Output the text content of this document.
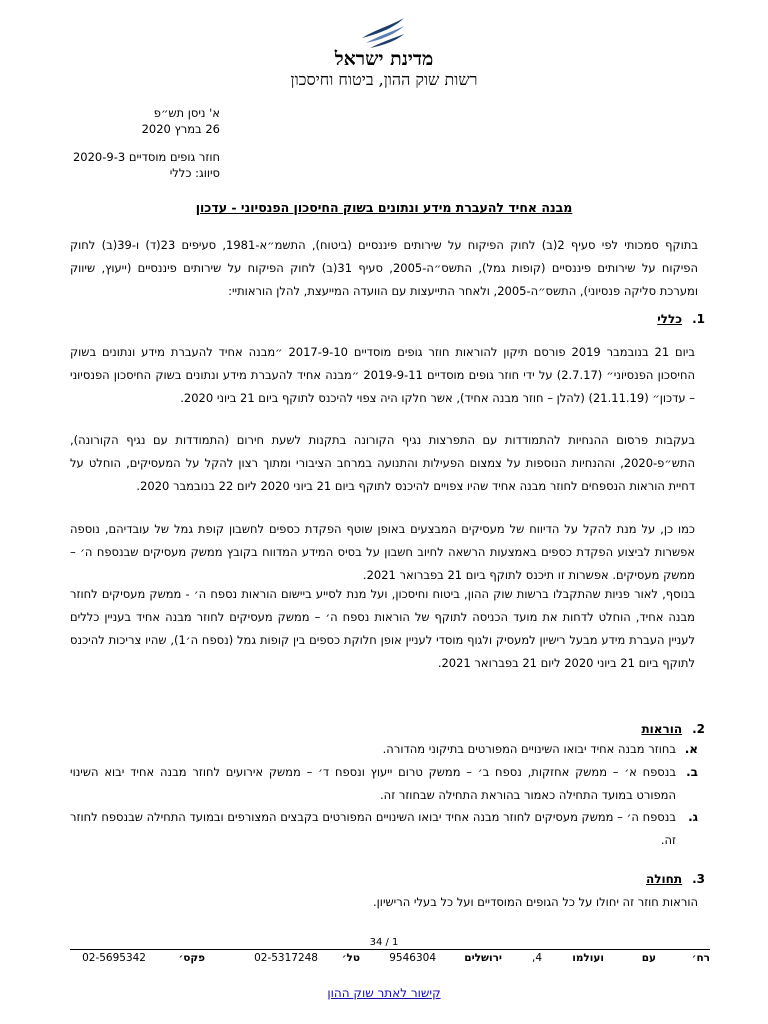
מדינת ישראל
רשות שוק ההון, ביטוח וחיסכון
א' ניסן תש״פ
26 במרץ 2020
חוזר גופים מוסדיים 2020-9-3
סיווג: כללי
מבנה אחיד להעברת מידע ונתונים בשוק החיסכון הפנסיוני - עדכון

בתוקף סמכותי לפי סעיף 2(ב) לחוק הפיקוח על שירותים פיננסיים (ביטוח), התשמ״א-1981, סעיפים 23(ד) ו-39(ב) לחוק הפיקוח על שירותים פיננסיים (קופות גמל), התשס״ה-2005, סעיף 31(ב) לחוק הפיקוח על שירותים פיננסיים (ייעוץ, שיווק ומערכת סליקה פנסיוני), התשס״ה-2005, ולאחר התייעצות עם הוועדה המייעצת, להלן הוראותיי:

1.כללי

ביום 21 בנובמבר 2019 פורסם תיקון להוראות חוזר גופים מוסדיים 2017-9-10 ״מבנה אחיד להעברת מידע ונתונים בשוק החיסכון הפנסיוני״ (2.7.17) על ידי חוזר גופים מוסדיים 2019-9-11 ״מבנה אחיד להעברת מידע ונתונים בשוק החיסכון הפנסיוני – עדכון״ (21.11.19) (להלן – חוזר מבנה אחיד), אשר חלקו היה צפוי להיכנס לתוקף ביום 21 ביוני 2020.

בעקבות פרסום ההנחיות להתמודדות עם התפרצות נגיף הקורונה בתקנות לשעת חירום (התמודדות עם נגיף הקורונה), התש״פ-2020, וההנחיות הנוספות על צמצום הפעילות והתנועה במרחב הציבורי ומתוך רצון להקל על המעסיקים, הוחלט על דחיית הוראות הנספחים לחוזר מבנה אחיד שהיו צפויים להיכנס לתוקף ביום 21 ביוני 2020 ליום 22 בנובמבר 2020.

כמו כן, על מנת להקל על הדיווח של מעסיקים המבצעים באופן שוטף הפקדת כספים לחשבון קופת גמל של עובדיהם, נוספה אפשרות לביצוע הפקדת כספים באמצעות הרשאה לחיוב חשבון על בסיס המידע המדווח בקובץ ממשק מעסיקים שבנספח ה׳ – ממשק מעסיקים. אפשרות זו תיכנס לתוקף ביום 21 בפברואר 2021.

בנוסף, לאור פניות שהתקבלו ברשות שוק ההון, ביטוח וחיסכון, ועל מנת לסייע ביישום הוראות נספח ה׳ - ממשק מעסיקים לחוזר מבנה אחיד, הוחלט לדחות את מועד הכניסה לתוקף של הוראות נספח ה׳ – ממשק מעסיקים לחוזר מבנה אחיד בעניין כללים לעניין העברת מידע מבעל רישיון למעסיק ולגוף מוסדי לעניין אופן חלוקת כספים בין קופות גמל (נספח ה׳1), שהיו צריכות להיכנס לתוקף ביום 21 ביוני 2020 ליום 21 בפברואר 2021.

2.הוראות
א.

בחוזר מבנה אחיד יבואו השינויים המפורטים בתיקוני מהדורה.

ב.

בנספח א׳ – ממשק אחזקות, נספח ב׳ – ממשק טרום ייעוץ ונספח ד׳ – ממשק אירועים לחוזר מבנה אחיד יבוא השינוי המפורט במועד התחילה כאמור בהוראת התחילה שבחוזר זה.

ג.

בנספח ה׳ – ממשק מעסיקים לחוזר מבנה אחיד יבואו השינויים המפורטים בקבצים המצורפים ובמועד התחילה שבנספח לחוזר זה.

3.תחולה

הוראות חוזר זה יחולו על כל הגופים המוסדיים ועל כל בעלי הרישיון.

1 / 34
רח׳
עם
ועולמו
4,
ירושלים
9546304
טל׳
02-5317248
פקס׳
02-5695342
קישור לאתר שוק ההון
